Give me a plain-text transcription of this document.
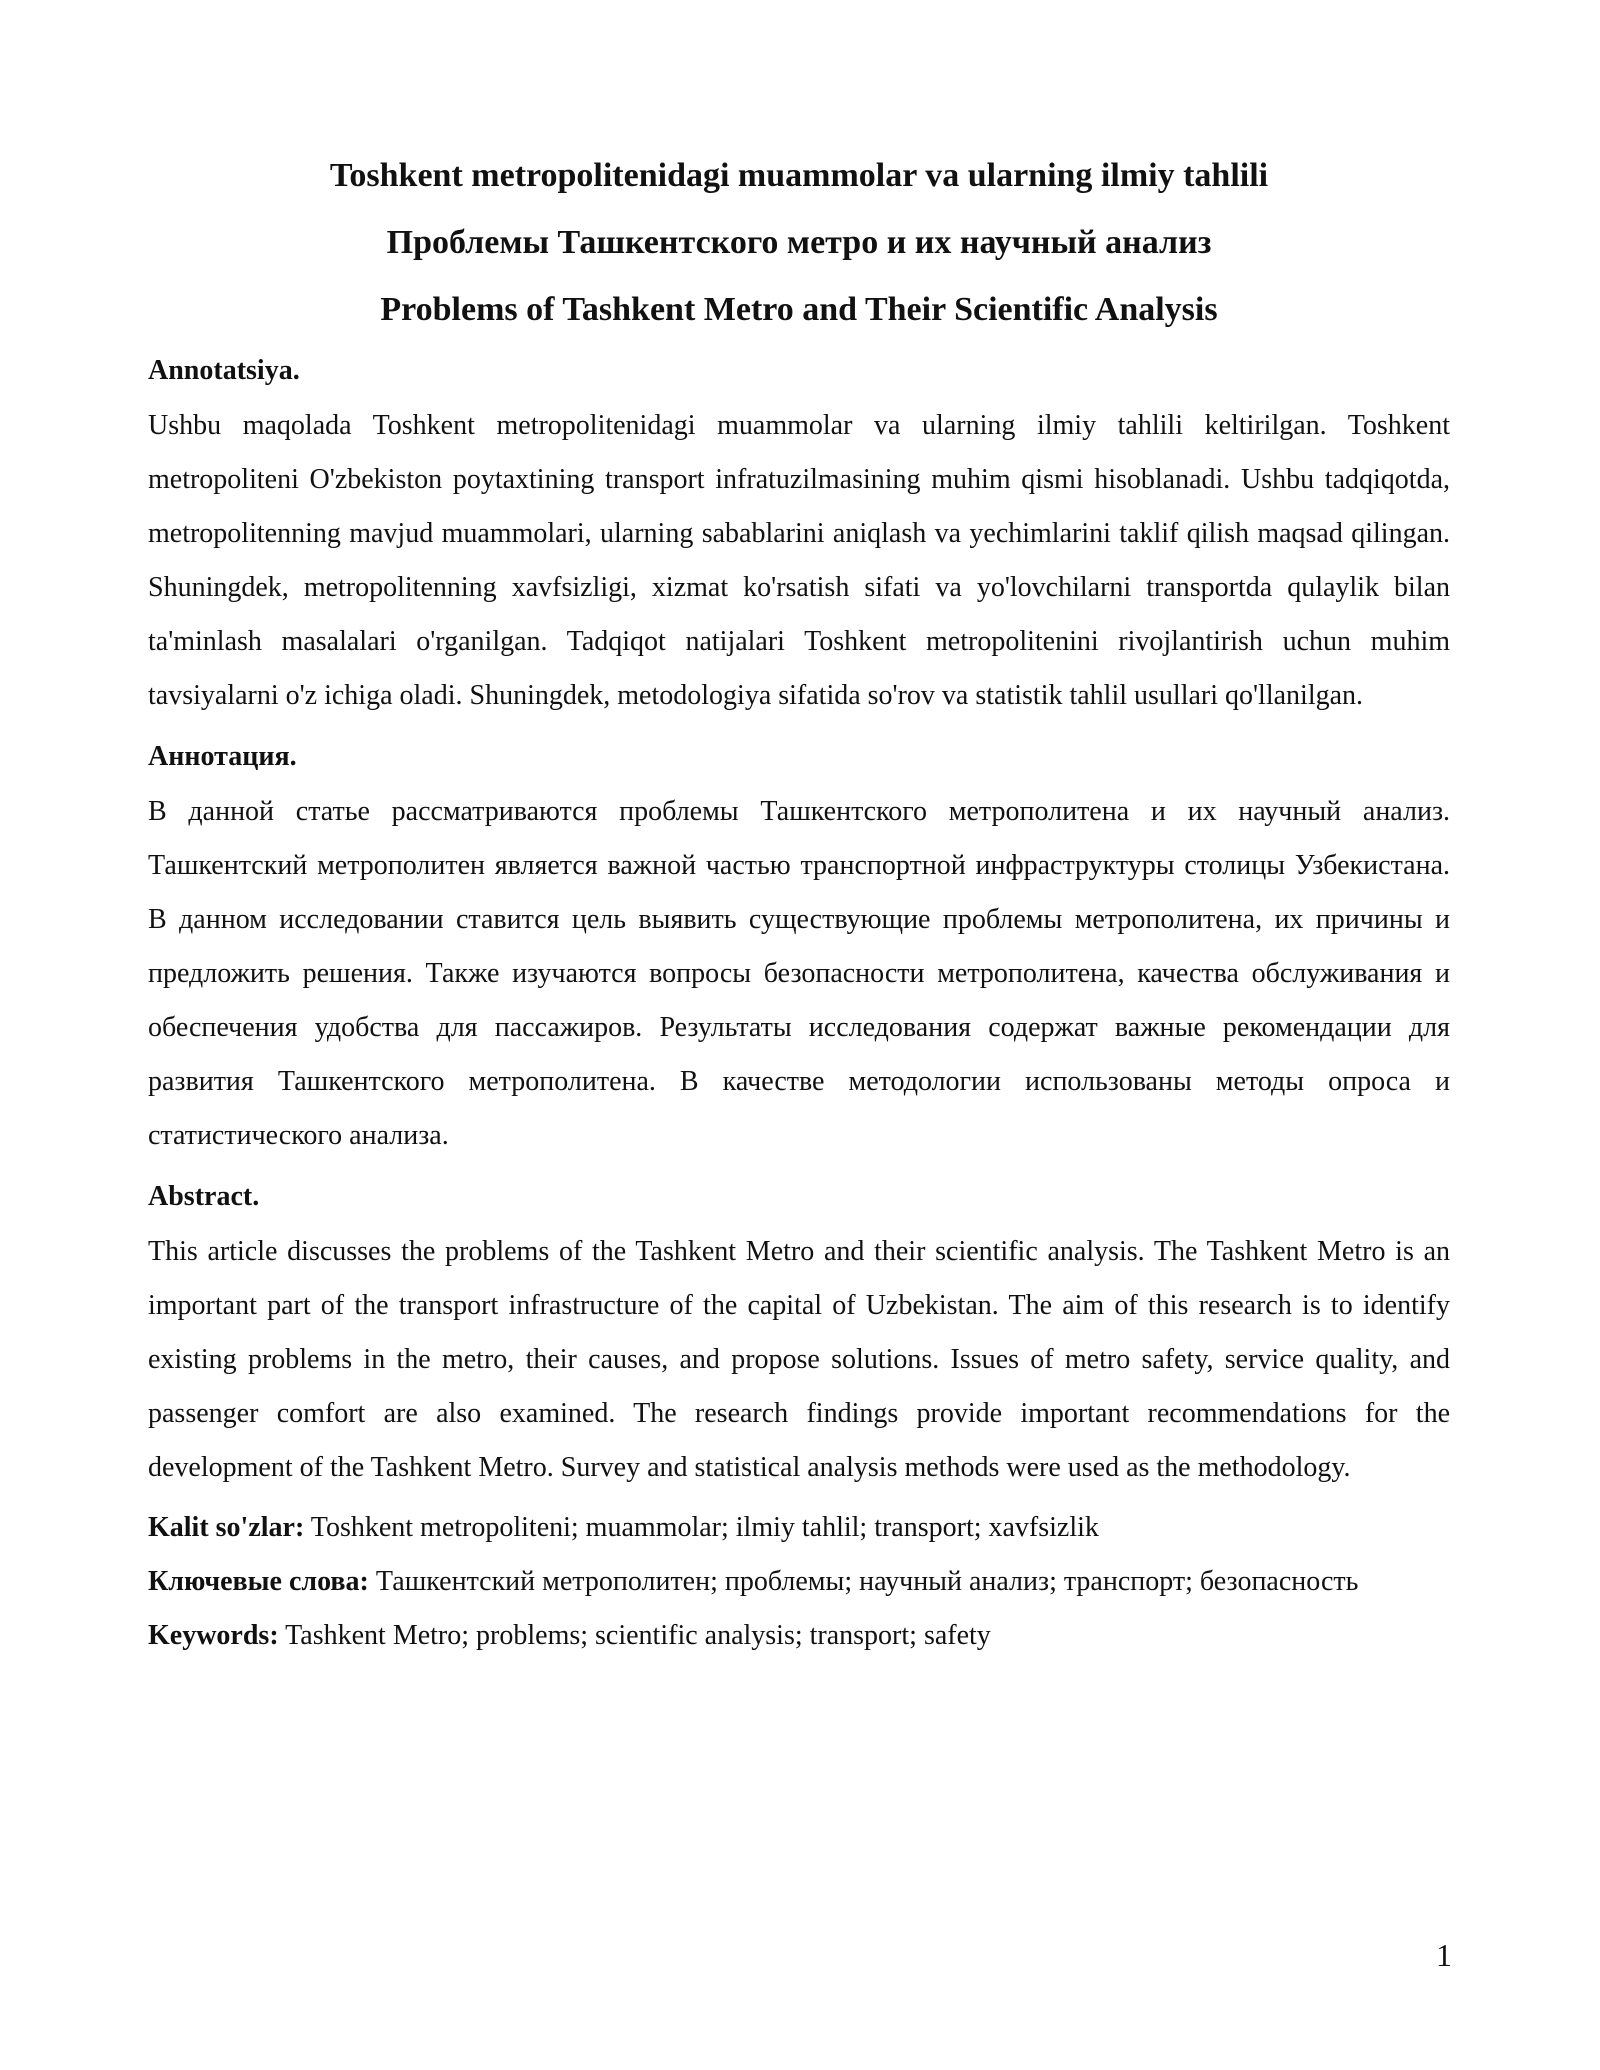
Toshkent metropolitenidagi muammolar va ularning ilmiy tahlili

Проблемы Ташкентского метро и их научный анализ

Problems of Tashkent Metro and Their Scientific Analysis

Annotatsiya.

Ushbu maqolada Toshkent metropolitenidagi muammolar va ularning ilmiy tahlili keltirilgan. Toshkent metropoliteni O'zbekiston poytaxtining transport infratuzilmasining muhim qismi hisoblanadi. Ushbu tadqiqotda, metropolitenning mavjud muammolari, ularning sabablarini aniqlash va yechimlarini taklif qilish maqsad qilingan. Shuningdek, metropolitenning xavfsizligi, xizmat ko'rsatish sifati va yo'lovchilarni transportda qulaylik bilan ta'minlash masalalari o'rganilgan. Tadqiqot natijalari Toshkent metropolitenini rivojlantirish uchun muhim tavsiyalarni o'z ichiga oladi. Shuningdek, metodologiya sifatida so'rov va statistik tahlil usullari qo'llanilgan.

Аннотация.

В данной статье рассматриваются проблемы Ташкентского метрополитена и их научный анализ. Ташкентский метрополитен является важной частью транспортной инфраструктуры столицы Узбекистана. В данном исследовании ставится цель выявить существующие проблемы метрополитена, их причины и предложить решения. Также изучаются вопросы безопасности метрополитена, качества обслуживания и обеспечения удобства для пассажиров. Результаты исследования содержат важные рекомендации для развития Ташкентского метрополитена. В качестве методологии использованы методы опроса и статистического анализа.

Abstract.

This article discusses the problems of the Tashkent Metro and their scientific analysis. The Tashkent Metro is an important part of the transport infrastructure of the capital of Uzbekistan. The aim of this research is to identify existing problems in the metro, their causes, and propose solutions. Issues of metro safety, service quality, and passenger comfort are also examined. The research findings provide important recommendations for the development of the Tashkent Metro. Survey and statistical analysis methods were used as the methodology.

Kalit so'zlar: Toshkent metropoliteni; muammolar; ilmiy tahlil; transport; xavfsizlik

Ключевые слова: Ташкентский метрополитен; проблемы; научный анализ; транспорт; безопасность

Keywords: Tashkent Metro; problems; scientific analysis; transport; safety

1
